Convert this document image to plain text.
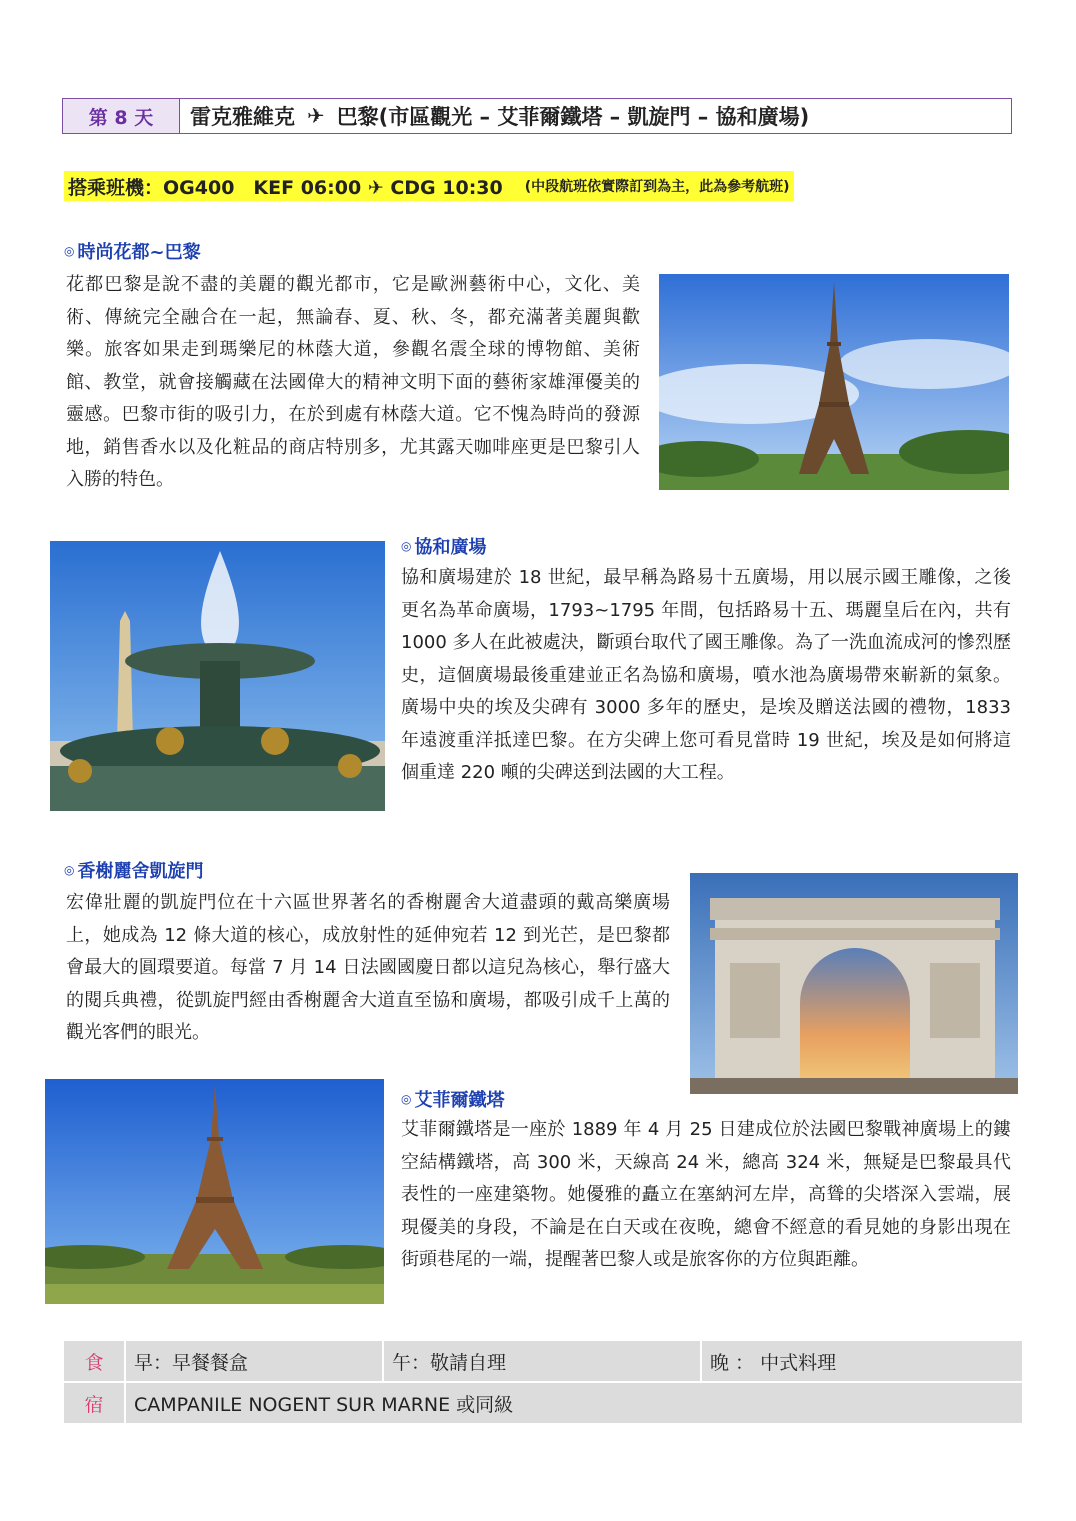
第 8 天	雷克雅維克 ✈ 巴黎(市區觀光 – 艾菲爾鐵塔 – 凱旋門 – 協和廣場)
搭乘班機：OG400　KEF 06:00 ✈ CDG 10:30 (中段航班依實際訂到為主，此為參考航班)
◎ 時尚花都~巴黎
花都巴黎是說不盡的美麗的觀光都市，它是歐洲藝術中心，文化、美術、傳統完全融合在一起，無論春、夏、秋、冬，都充滿著美麗與歡樂。旅客如果走到瑪樂尼的林蔭大道，參觀名震全球的博物館、美術館、教堂，就會接觸藏在法國偉大的精神文明下面的藝術家雄渾優美的靈感。巴黎市街的吸引力，在於到處有林蔭大道。它不愧為時尚的發源地，銷售香水以及化粧品的商店特別多，尤其露天咖啡座更是巴黎引人入勝的特色。
◎ 協和廣場
協和廣場建於 18 世紀，最早稱為路易十五廣場，用以展示國王雕像，之後更名為革命廣場，1793~1795 年間，包括路易十五、瑪麗皇后在內，共有 1000 多人在此被處決，斷頭台取代了國王雕像。為了一洗血流成河的慘烈歷史，這個廣場最後重建並正名為協和廣場，噴水池為廣場帶來嶄新的氣象。廣場中央的埃及尖碑有 3000 多年的歷史，是埃及贈送法國的禮物，1833 年遠渡重洋抵達巴黎。在方尖碑上您可看見當時 19 世紀，埃及是如何將這個重達 220 噸的尖碑送到法國的大工程。
◎ 香榭麗舍凱旋門
宏偉壯麗的凱旋門位在十六區世界著名的香榭麗舍大道盡頭的戴高樂廣場上，她成為 12 條大道的核心，成放射性的延伸宛若 12 到光芒，是巴黎都會最大的圓環要道。每當 7 月 14 日法國國慶日都以這兒為核心，舉行盛大的閱兵典禮，從凱旋門經由香榭麗舍大道直至協和廣場，都吸引成千上萬的觀光客們的眼光。
◎ 艾菲爾鐵塔
艾菲爾鐵塔是一座於 1889 年 4 月 25 日建成位於法國巴黎戰神廣場上的鏤空結構鐵塔，高 300 米，天線高 24 米，總高 324 米，無疑是巴黎最具代表性的一座建築物。她優雅的矗立在塞納河左岸，高聳的尖塔深入雲端，展現優美的身段，不論是在白天或在夜晚，總會不經意的看見她的身影出現在街頭巷尾的一端，提醒著巴黎人或是旅客你的方位與距離。
食	早：早餐餐盒	午：敬請自理	晚 ： 中式料理
宿	CAMPANILE NOGENT SUR MARNE 或同級		
